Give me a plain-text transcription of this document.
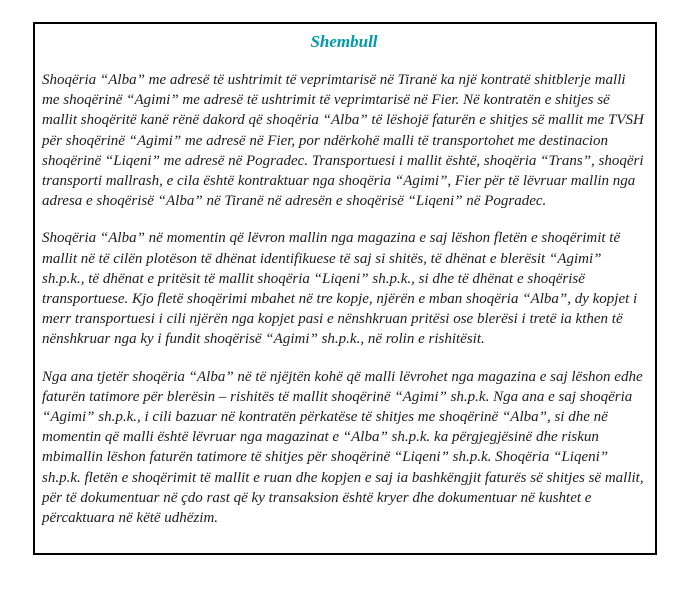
Shembull

Shoqëria “Alba” me adresë të ushtrimit të veprimtarisë në Tiranë ka një kontratë shitblerje malli me shoqërinë “Agimi” me adresë të ushtrimit të veprimtarisë në Fier. Në kontratën e shitjes së mallit shoqëritë kanë rënë dakord që shoqëria “Alba” të lëshojë faturën e shitjes së mallit me TVSH për shoqërinë “Agimi” me adresë në Fier, por ndërkohë malli të transportohet me destinacion shoqërinë “Liqeni” me adresë në Pogradec. Transportuesi i mallit është, shoqëria “Trans”, shoqëri transporti mallrash, e cila është kontraktuar nga shoqëria “Agimi”, Fier për të lëvruar mallin nga adresa e shoqërisë “Alba” në Tiranë në adresën e shoqërisë “Liqeni” në Pogradec.

Shoqëria “Alba” në momentin që lëvron mallin nga magazina e saj lëshon fletën e shoqërimit të mallit në të cilën plotëson të dhënat identifikuese të saj si shitës, të dhënat e blerësit “Agimi” sh.p.k., të dhënat e pritësit të mallit shoqëria “Liqeni” sh.p.k., si dhe të dhënat e shoqërisë transportuese. Kjo fletë shoqërimi mbahet në tre kopje, njërën e mban shoqëria “Alba”, dy kopjet i merr transportuesi i cili njërën nga kopjet pasi e nënshkruan pritësi ose blerësi i tretë ia kthen të nënshkruar nga ky i fundit shoqërisë “Agimi” sh.p.k., në rolin e rishitësit.

Nga ana tjetër shoqëria “Alba” në të njëjtën kohë që malli lëvrohet nga magazina e saj lëshon edhe faturën tatimore për blerësin – rishitës të mallit shoqërinë “Agimi” sh.p.k. Nga ana e saj shoqëria “Agimi” sh.p.k., i cili bazuar në kontratën përkatëse të shitjes me shoqërinë “Alba”, si dhe në momentin që malli është lëvruar nga magazinat e “Alba” sh.p.k. ka përgjegjësinë dhe riskun mbimallin lëshon faturën tatimore të shitjes për shoqërinë “Liqeni” sh.p.k. Shoqëria “Liqeni” sh.p.k. fletën e shoqërimit të mallit e ruan dhe kopjen e saj ia bashkëngjit faturës së shitjes së mallit, për të dokumentuar në çdo rast që ky transaksion është kryer dhe dokumentuar në kushtet e përcaktuara në këtë udhëzim.
